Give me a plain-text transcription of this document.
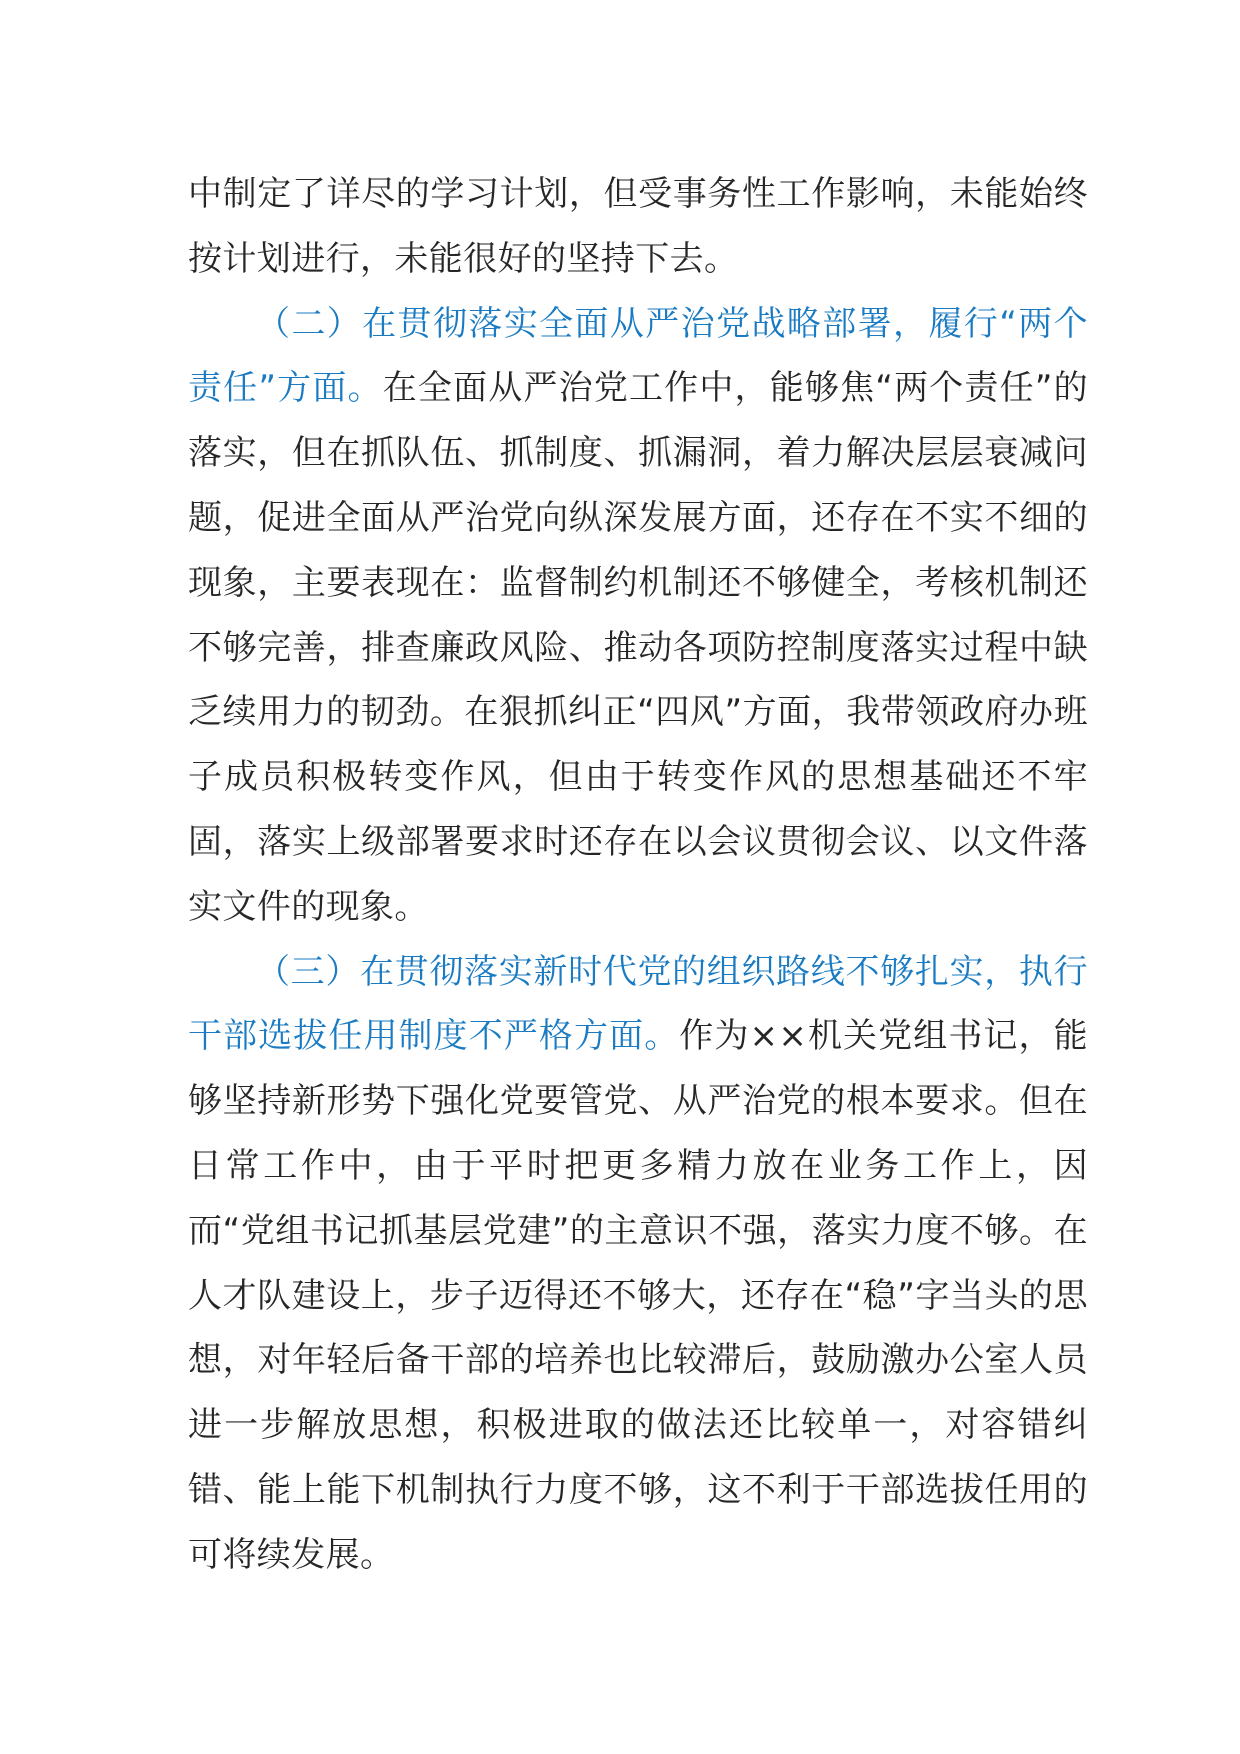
中制定了详尽的学习计划，但受事务性工作影响，未能始终按计划进行，未能很好的坚持下去。

（二）在贯彻落实全面从严治党战略部署，履行“两个责任”方面。在全面从严治党工作中，能够焦“两个责任”的落实，但在抓队伍、抓制度、抓漏洞，着力解决层层衰减问题，促进全面从严治党向纵深发展方面，还存在不实不细的现象，主要表现在：监督制约机制还不够健全，考核机制还不够完善，排查廉政风险、推动各项防控制度落实过程中缺乏续用力的韧劲。在狠抓纠正“四风”方面，我带领政府办班子成员积极转变作风，但由于转变作风的思想基础还不牢固，落实上级部署要求时还存在以会议贯彻会议、以文件落实文件的现象。

（三）在贯彻落实新时代党的组织路线不够扎实，执行干部选拔任用制度不严格方面。作为××机关党组书记，能够坚持新形势下强化党要管党、从严治党的根本要求。但在日常工作中，由于平时把更多精力放在业务工作上，因而“党组书记抓基层党建”的主意识不强，落实力度不够。在人才队建设上，步子迈得还不够大，还存在“稳”字当头的思想，对年轻后备干部的培养也比较滞后，鼓励激办公室人员进一步解放思想，积极进取的做法还比较单一，对容错纠错、能上能下机制执行力度不够，这不利于干部选拔任用的可将续发展。
